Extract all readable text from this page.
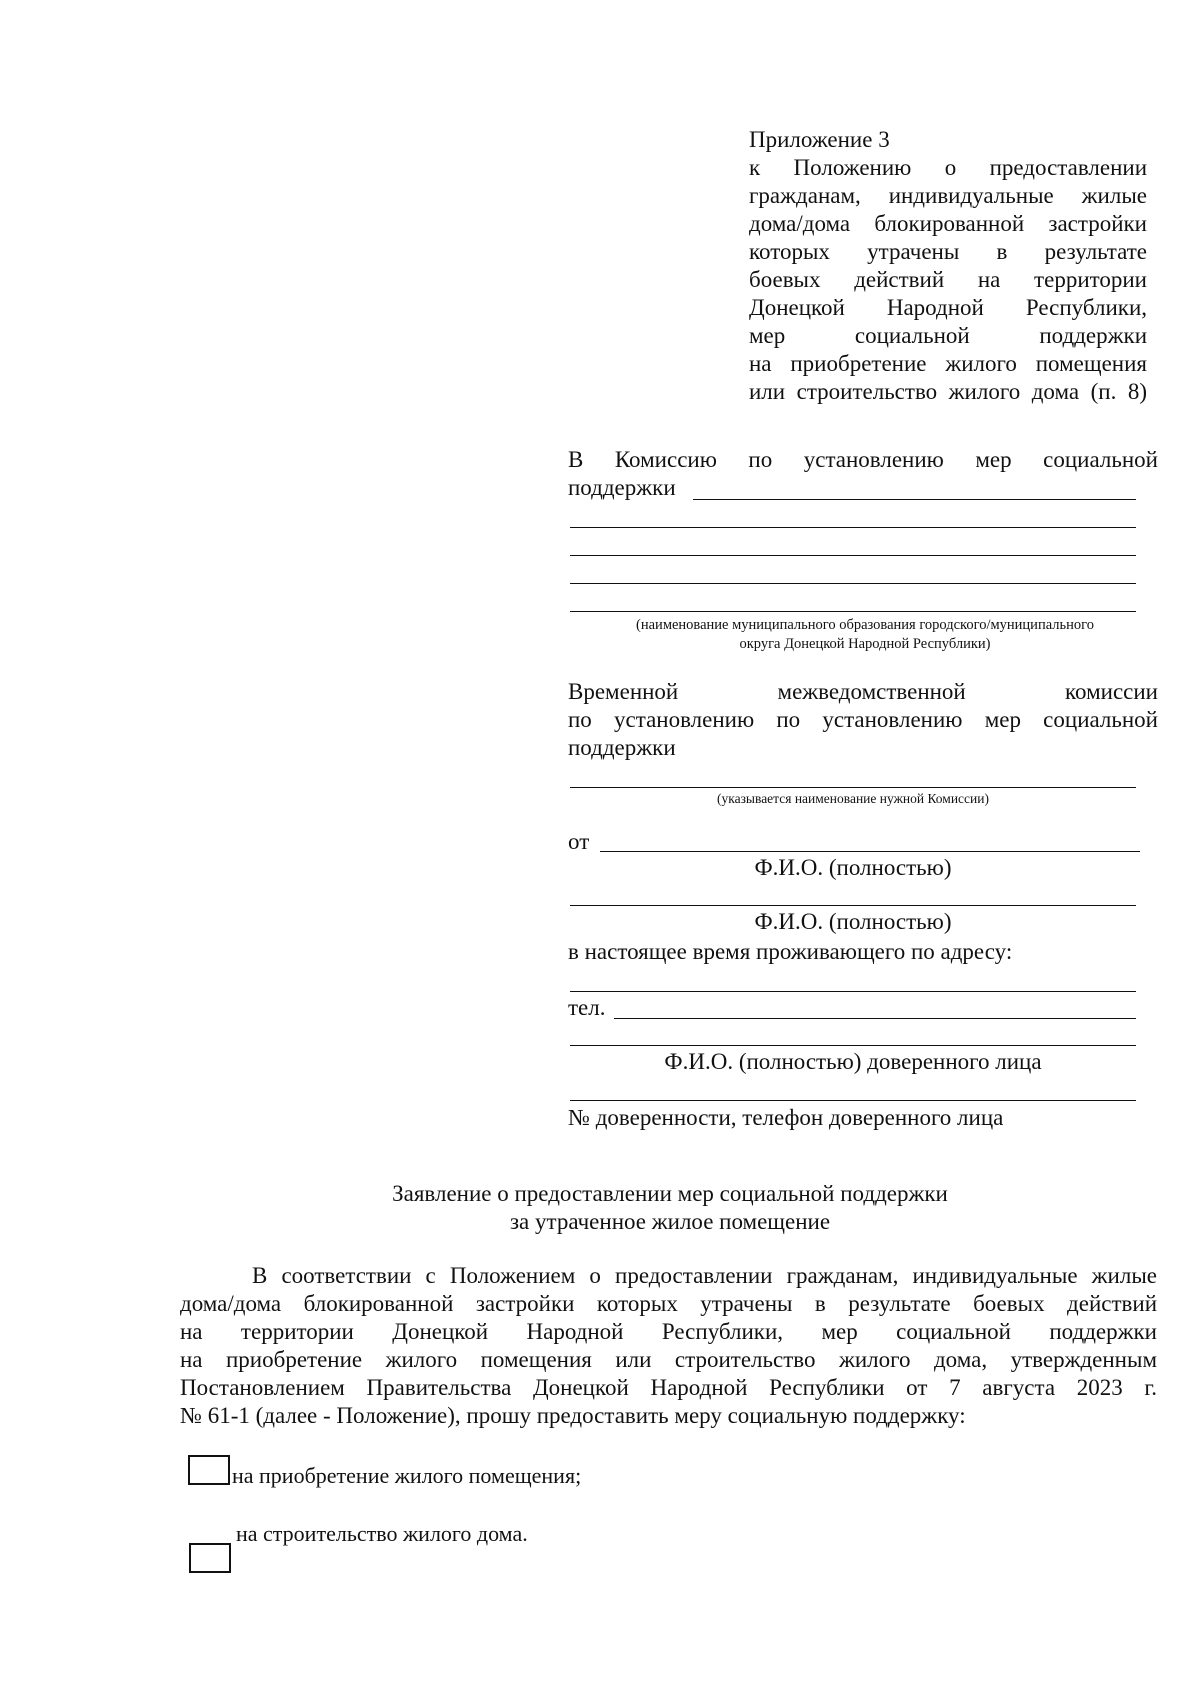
Приложение 3
к Положению о предоставлении
гражданам, индивидуальные жилые
дома/дома блокированной застройки
которых утрачены в результате
боевых действий на территории
Донецкой Народной Республики,
мер социальной поддержки
на приобретение жилого помещения
или строительство жилого дома (п. 8)
В Комиссию по установлению мер социальной
поддержки
(наименование муниципального образования городского/муниципального
округа Донецкой Народной Республики)
Временной межведомственной комиссии
по установлению по установлению мер социальной
поддержки
(указывается наименование нужной Комиссии)
от
Ф.И.О. (полностью)
Ф.И.О. (полностью)
в настоящее время проживающего по адресу:
тел.
Ф.И.О. (полностью) доверенного лица
№ доверенности, телефон доверенного лица
Заявление о предоставлении мер социальной поддержки
за утраченное жилое помещение
В соответствии с Положением о предоставлении гражданам, индивидуальные жилые
дома/дома блокированной застройки которых утрачены в результате боевых действий
на территории Донецкой Народной Республики, мер социальной поддержки
на приобретение жилого помещения или строительство жилого дома, утвержденным
Постановлением Правительства Донецкой Народной Республики от 7 августа 2023 г.
№ 61-1 (далее - Положение), прошу предоставить меру социальную поддержку:
на приобретение жилого помещения;
на строительство жилого дома.
